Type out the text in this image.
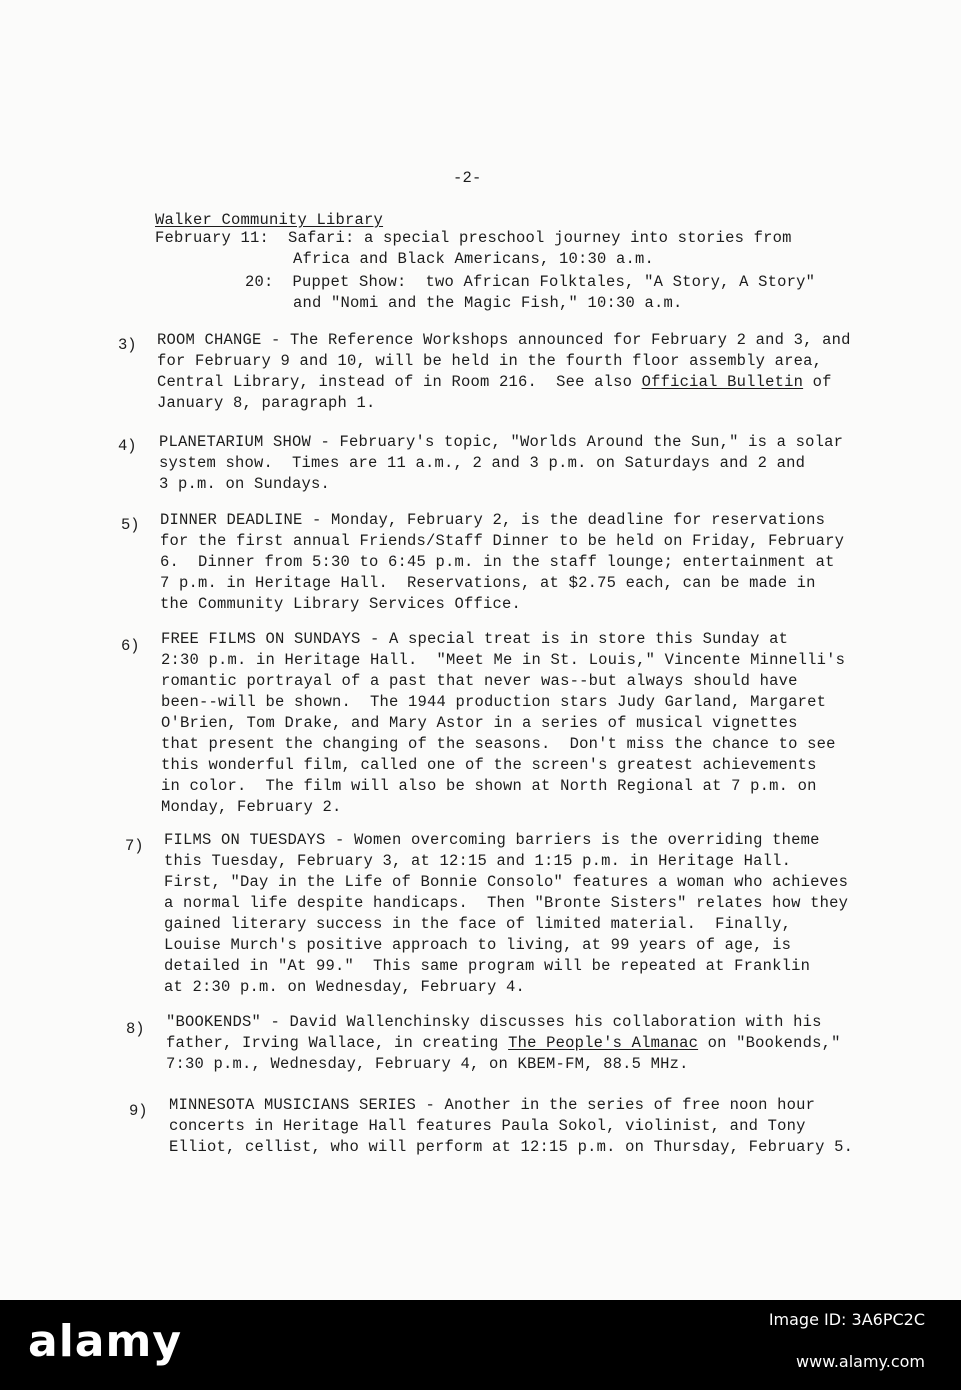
-2-
Walker Community Library
February 11:  Safari: a special preschool journey into stories from
Africa and Black Americans, 10:30 a.m.
20:  Puppet Show:  two African Folktales, "A Story, A Story"
and "Nomi and the Magic Fish," 10:30 a.m.
3) ROOM CHANGE - The Reference Workshops announced for February 2 and 3, and
for February 9 and 10, will be held in the fourth floor assembly area,
Central Library, instead of in Room 216.  See also Official Bulletin of
January 8, paragraph 1.
4) PLANETARIUM SHOW - February's topic, "Worlds Around the Sun," is a solar
system show.  Times are 11 a.m., 2 and 3 p.m. on Saturdays and 2 and
3 p.m. on Sundays.
5) DINNER DEADLINE - Monday, February 2, is the deadline for reservations
for the first annual Friends/Staff Dinner to be held on Friday, February
6.  Dinner from 5:30 to 6:45 p.m. in the staff lounge; entertainment at
7 p.m. in Heritage Hall.  Reservations, at $2.75 each, can be made in
the Community Library Services Office.
6) FREE FILMS ON SUNDAYS - A special treat is in store this Sunday at
2:30 p.m. in Heritage Hall.  "Meet Me in St. Louis," Vincente Minnelli's
romantic portrayal of a past that never was--but always should have
been--will be shown.  The 1944 production stars Judy Garland, Margaret
O'Brien, Tom Drake, and Mary Astor in a series of musical vignettes
that present the changing of the seasons.  Don't miss the chance to see
this wonderful film, called one of the screen's greatest achievements
in color.  The film will also be shown at North Regional at 7 p.m. on
Monday, February 2.
7) FILMS ON TUESDAYS - Women overcoming barriers is the overriding theme
this Tuesday, February 3, at 12:15 and 1:15 p.m. in Heritage Hall.
First, "Day in the Life of Bonnie Consolo" features a woman who achieves
a normal life despite handicaps.  Then "Bronte Sisters" relates how they
gained literary success in the face of limited material.  Finally,
Louise Murch's positive approach to living, at 99 years of age, is
detailed in "At 99."  This same program will be repeated at Franklin
at 2:30 p.m. on Wednesday, February 4.
8) "BOOKENDS" - David Wallenchinsky discusses his collaboration with his
father, Irving Wallace, in creating The People's Almanac on "Bookends,"
7:30 p.m., Wednesday, February 4, on KBEM-FM, 88.5 MHz.
9) MINNESOTA MUSICIANS SERIES - Another in the series of free noon hour
concerts in Heritage Hall features Paula Sokol, violinist, and Tony
Elliot, cellist, who will perform at 12:15 p.m. on Thursday, February 5.
alamy	Image ID: 3A6PC2C
www.alamy.com
